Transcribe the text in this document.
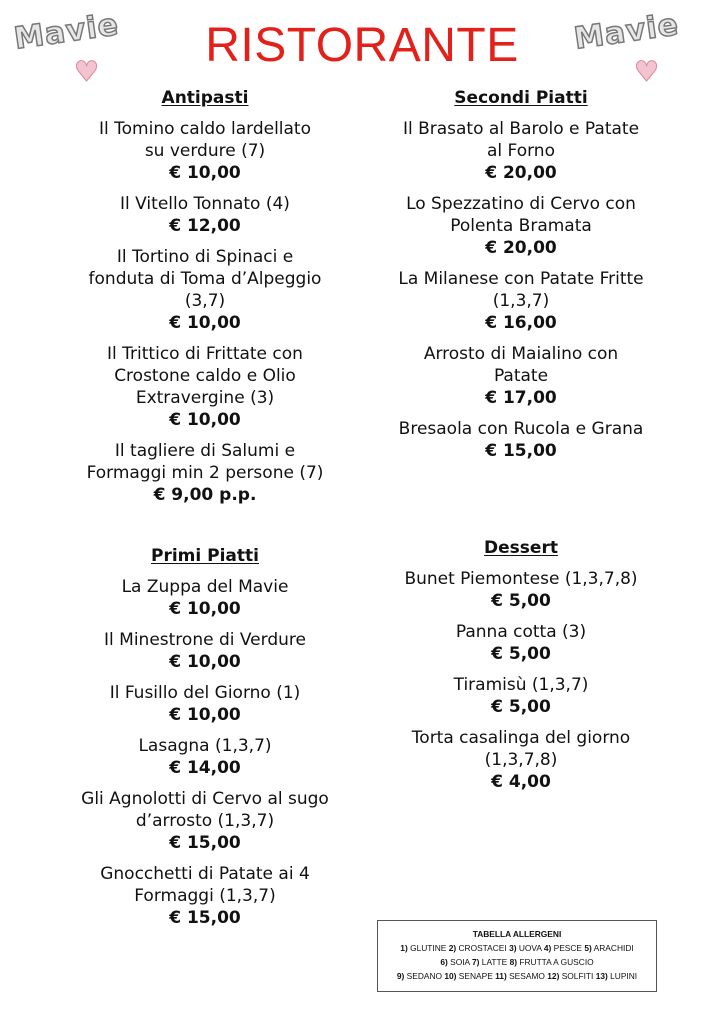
Mavie
♥
Mavie
♥
RISTORANTE
Antipasti
Il Tomino caldo lardellato
su verdure (7)
€ 10,00
Il Vitello Tonnato (4)
€ 12,00
Il Tortino di Spinaci e
fonduta di Toma d’Alpeggio
(3,7)
€ 10,00
Il Trittico di Frittate con
Crostone caldo e Olio
Extravergine (3)
€ 10,00
Il tagliere di Salumi e
Formaggi min 2 persone (7)
€ 9,00 p.p.
Primi Piatti
La Zuppa del Mavie
€ 10,00
Il Minestrone di Verdure
€ 10,00
Il Fusillo del Giorno (1)
€ 10,00
Lasagna (1,3,7)
€ 14,00
Gli Agnolotti di Cervo al sugo
d’arrosto (1,3,7)
€ 15,00
Gnocchetti di Patate ai 4
Formaggi (1,3,7)
€ 15,00
Secondi Piatti
Il Brasato al Barolo e Patate
al Forno
€ 20,00
Lo Spezzatino di Cervo con
Polenta Bramata
€ 20,00
La Milanese con Patate Fritte
(1,3,7)
€ 16,00
Arrosto di Maialino con
Patate
€ 17,00
Bresaola con Rucola e Grana
€ 15,00
Dessert
Bunet Piemontese (1,3,7,8)
€ 5,00
Panna cotta (3)
€ 5,00
Tiramisù (1,3,7)
€ 5,00
Torta casalinga del giorno
(1,3,7,8)
€ 4,00
TABELLA ALLERGENI
1) GLUTINE 2) CROSTACEI 3) UOVA 4) PESCE 5) ARACHIDI
6) SOIA 7) LATTE 8) FRUTTA A GUSCIO
9) SEDANO 10) SENAPE 11) SESAMO 12) SOLFITI 13) LUPINI
